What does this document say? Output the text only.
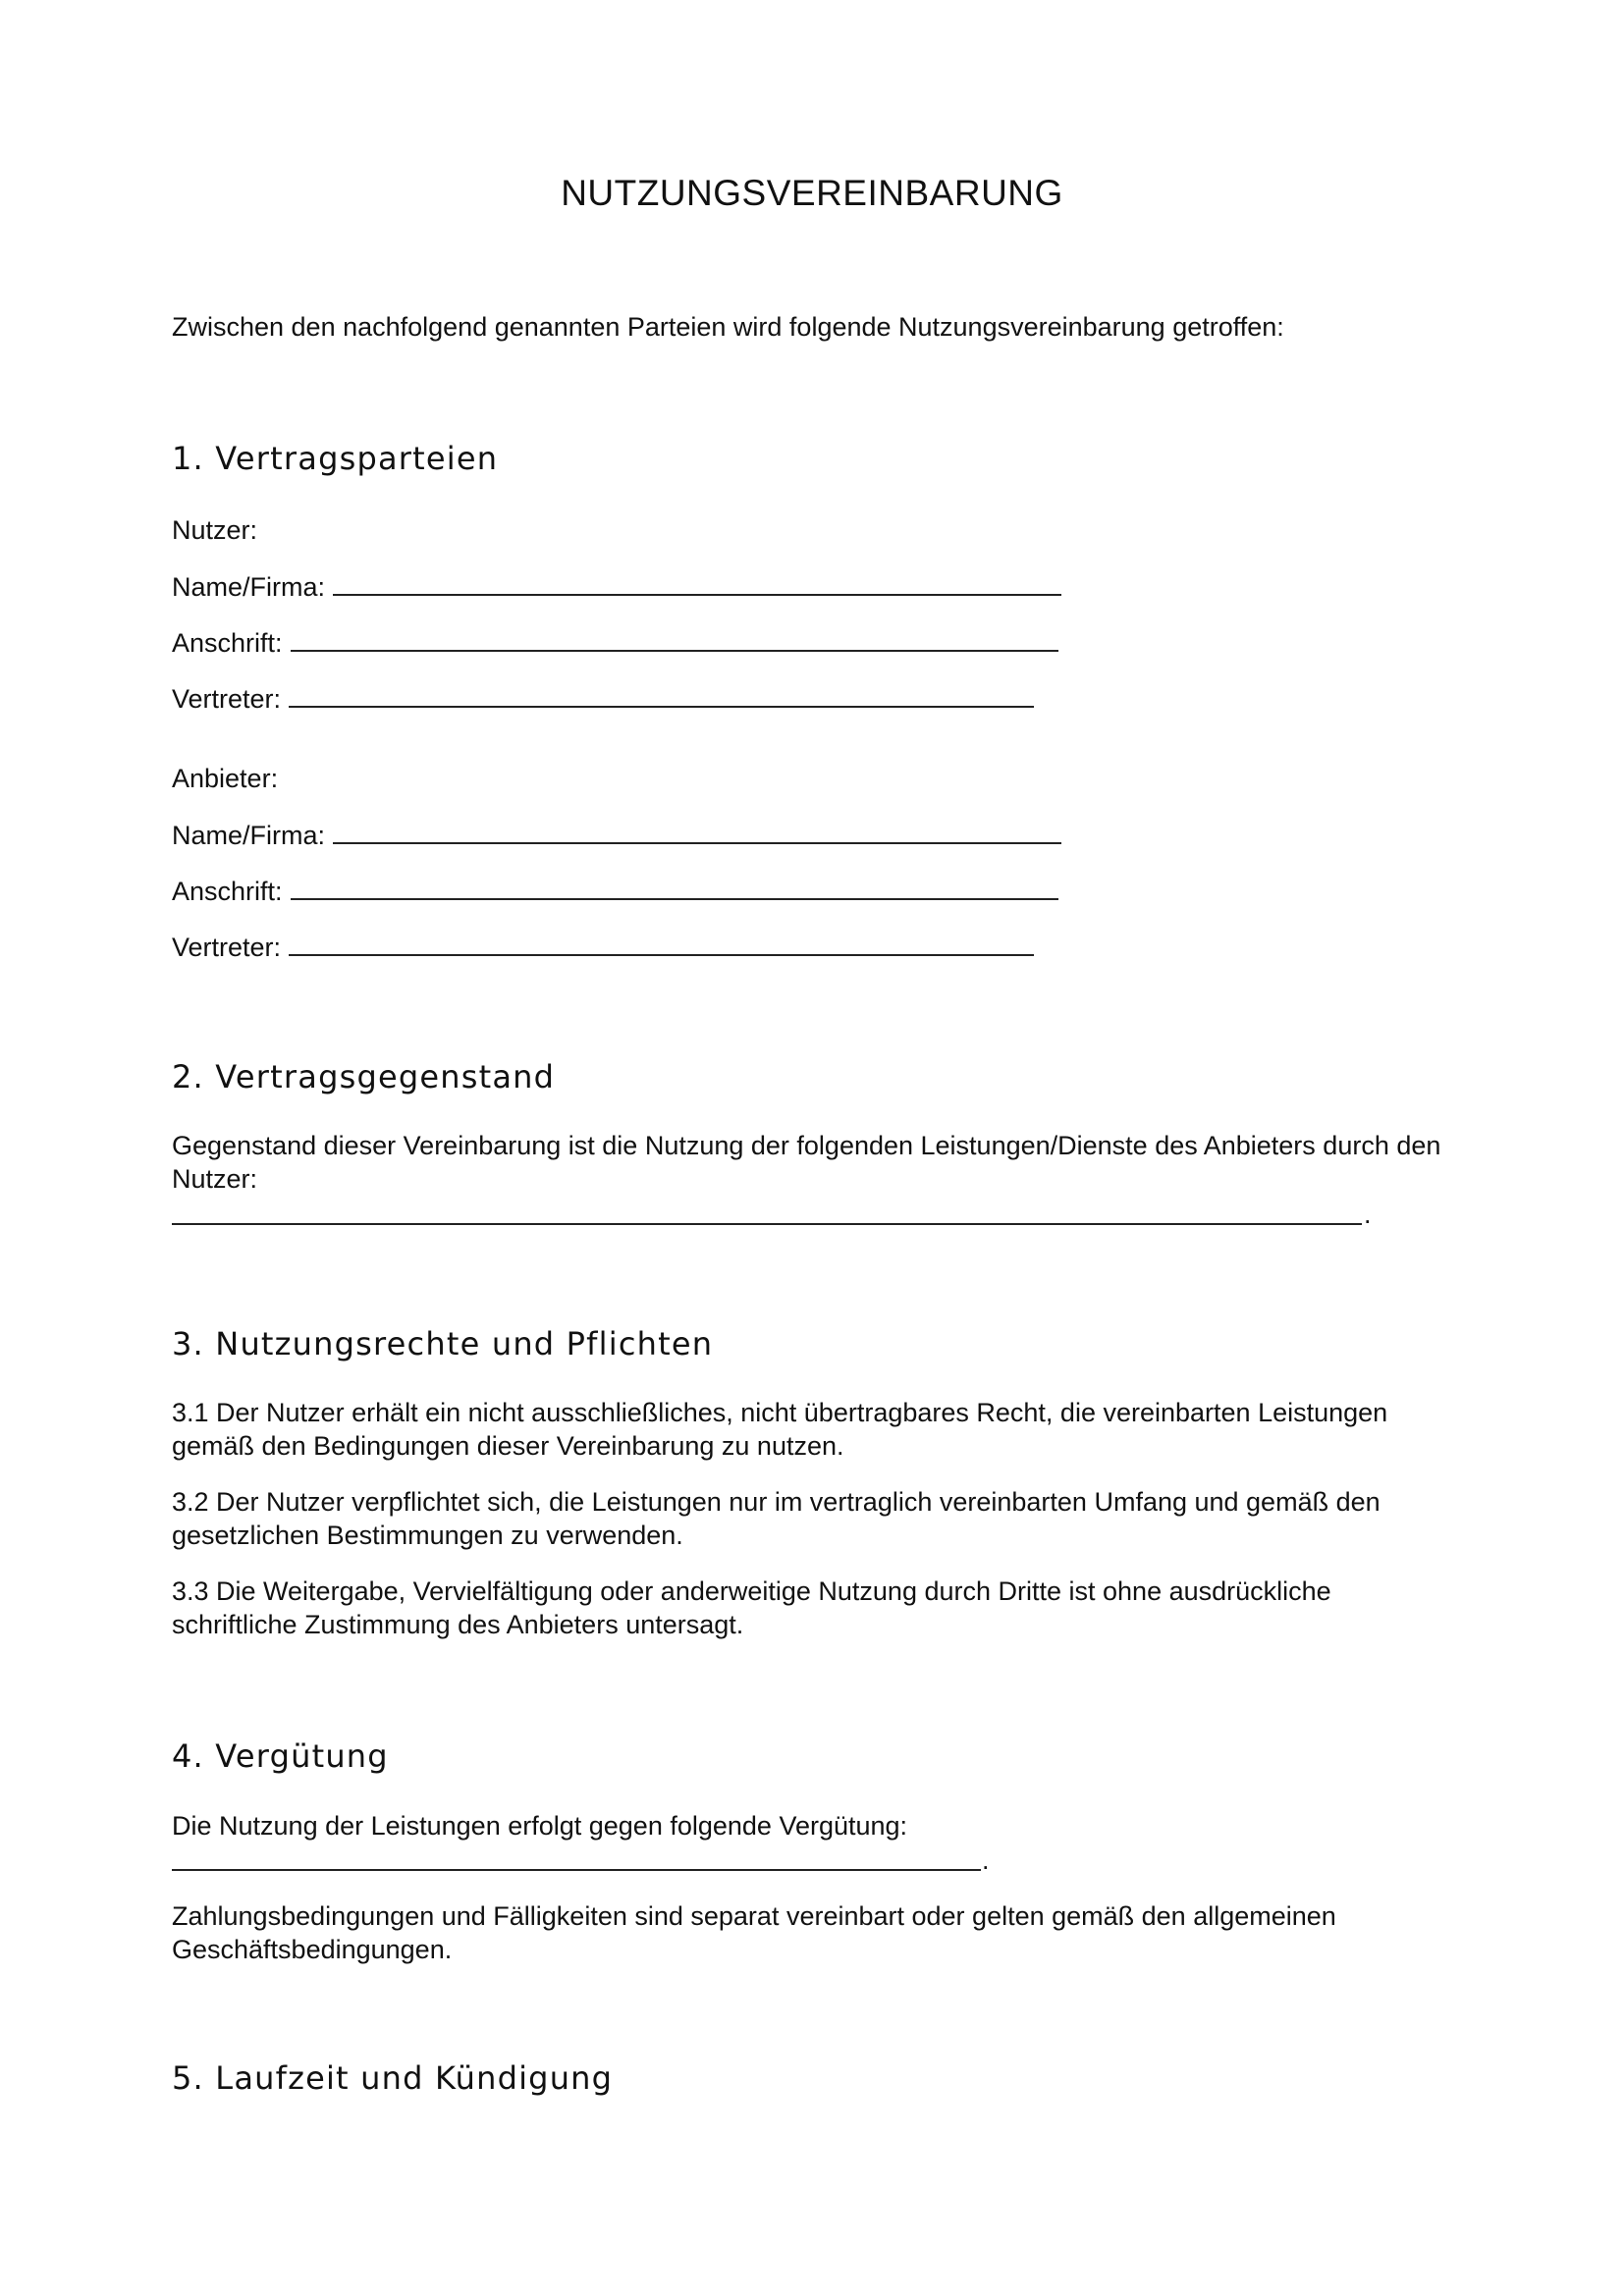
NUTZUNGSVEREINBARUNG

Zwischen den nachfolgend genannten Parteien wird folgende Nutzungsvereinbarung getroffen:

1. Vertragsparteien

Nutzer:

Name/Firma:
Anschrift:
Vertreter:

Anbieter:

Name/Firma:
Anschrift:
Vertreter:
2. Vertragsgegenstand

Gegenstand dieser Vereinbarung ist die Nutzung der folgenden Leistungen/Dienste des Anbieters durch den Nutzer:

.
3. Nutzungsrechte und Pflichten

3.1 Der Nutzer erhält ein nicht ausschließliches, nicht übertragbares Recht, die vereinbarten Leistungen gemäß den Bedingungen dieser Vereinbarung zu nutzen.

3.2 Der Nutzer verpflichtet sich, die Leistungen nur im vertraglich vereinbarten Umfang und gemäß den gesetzlichen Bestimmungen zu verwenden.

3.3 Die Weitergabe, Vervielfältigung oder anderweitige Nutzung durch Dritte ist ohne ausdrückliche schriftliche Zustimmung des Anbieters untersagt.

4. Vergütung

Die Nutzung der Leistungen erfolgt gegen folgende Vergütung:

.

Zahlungsbedingungen und Fälligkeiten sind separat vereinbart oder gelten gemäß den allgemeinen Geschäftsbedingungen.

5. Laufzeit und Kündigung
